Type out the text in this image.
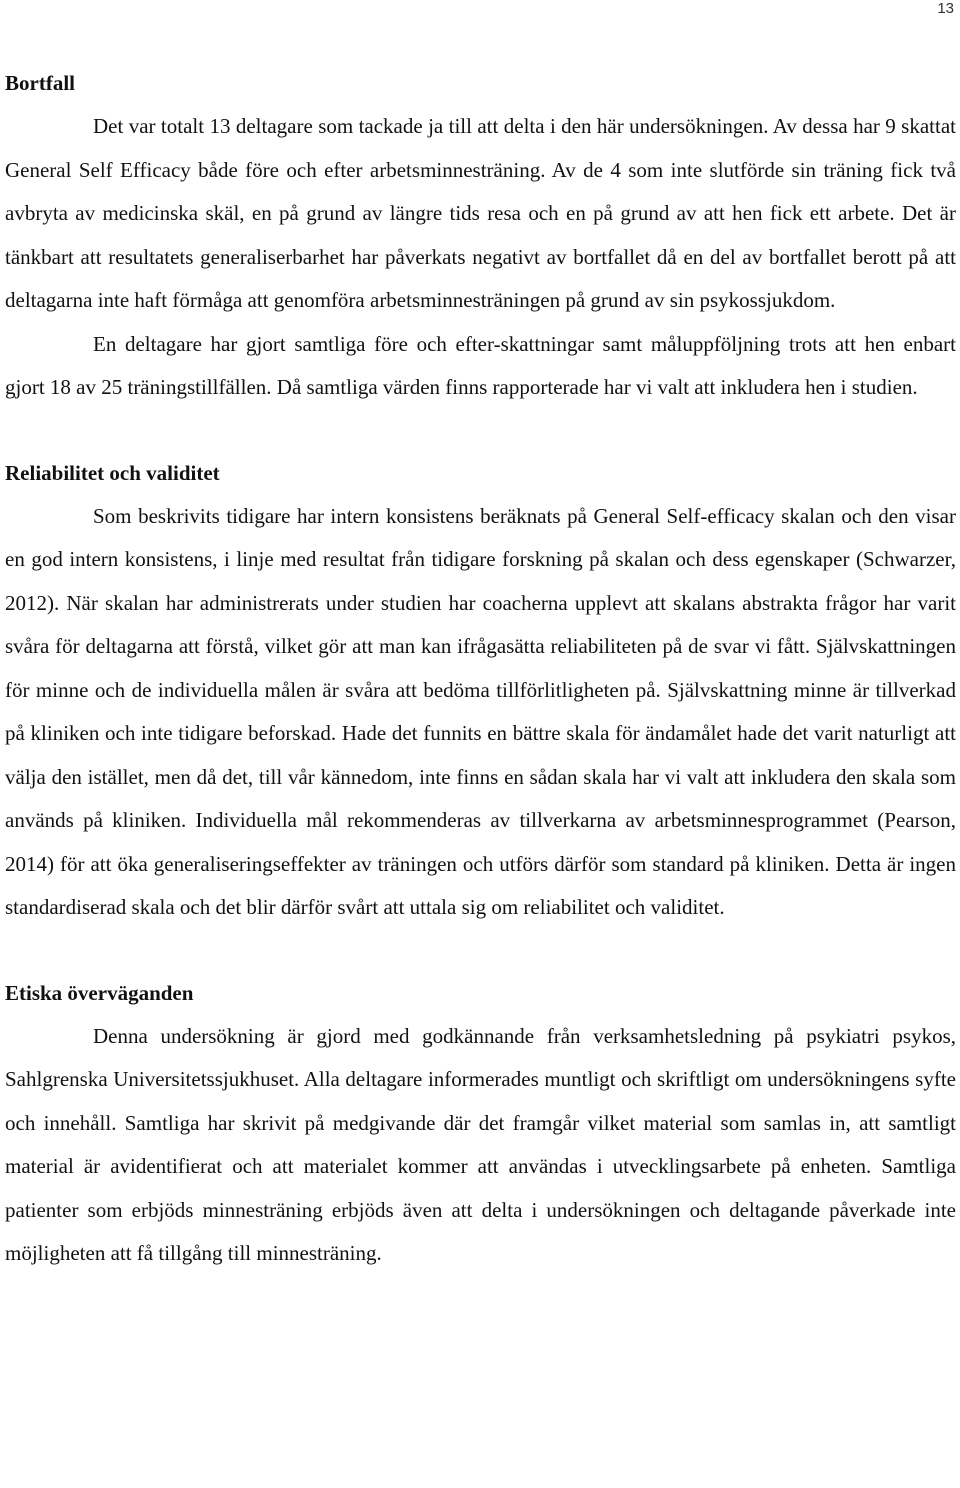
13
Bortfall

Det var totalt 13 deltagare som tackade ja till att delta i den här undersökningen. Av dessa har 9 skattat General Self Efficacy både före och efter arbetsminnesträning. Av de 4 som inte slutförde sin träning fick två avbryta av medicinska skäl, en på grund av längre tids resa och en på grund av att hen fick ett arbete. Det är tänkbart att resultatets generaliserbarhet har påverkats negativt av bortfallet då en del av bortfallet berott på att deltagarna inte haft förmåga att genomföra arbetsminnesträningen på grund av sin psykossjukdom.

En deltagare har gjort samtliga före och efter-skattningar samt måluppföljning trots att hen enbart gjort 18 av 25 träningstillfällen. Då samtliga värden finns rapporterade har vi valt att inkludera hen i studien.

Reliabilitet och validitet

Som beskrivits tidigare har intern konsistens beräknats på General Self-efficacy skalan och den visar en god intern konsistens, i linje med resultat från tidigare forskning på skalan och dess egenskaper (Schwarzer, 2012). När skalan har administrerats under studien har coacherna upplevt att skalans abstrakta frågor har varit svåra för deltagarna att förstå, vilket gör att man kan ifrågasätta reliabiliteten på de svar vi fått. Självskattningen för minne och de individuella målen är svåra att bedöma tillförlitligheten på. Självskattning minne är tillverkad på kliniken och inte tidigare beforskad. Hade det funnits en bättre skala för ändamålet hade det varit naturligt att välja den istället, men då det, till vår kännedom, inte finns en sådan skala har vi valt att inkludera den skala som används på kliniken. Individuella mål rekommenderas av tillverkarna av arbetsminnesprogrammet (Pearson, 2014) för att öka generaliseringseffekter av träningen och utförs därför som standard på kliniken. Detta är ingen standardiserad skala och det blir därför svårt att uttala sig om reliabilitet och validitet.

Etiska överväganden

Denna undersökning är gjord med godkännande från verksamhetsledning på psykiatri psykos, Sahlgrenska Universitetssjukhuset. Alla deltagare informerades muntligt och skriftligt om undersökningens syfte och innehåll. Samtliga har skrivit på medgivande där det framgår vilket material som samlas in, att samtligt material är avidentifierat och att materialet kommer att användas i utvecklingsarbete på enheten. Samtliga patienter som erbjöds minnesträning erbjöds även att delta i undersökningen och deltagande påverkade inte möjligheten att få tillgång till minnesträning.
